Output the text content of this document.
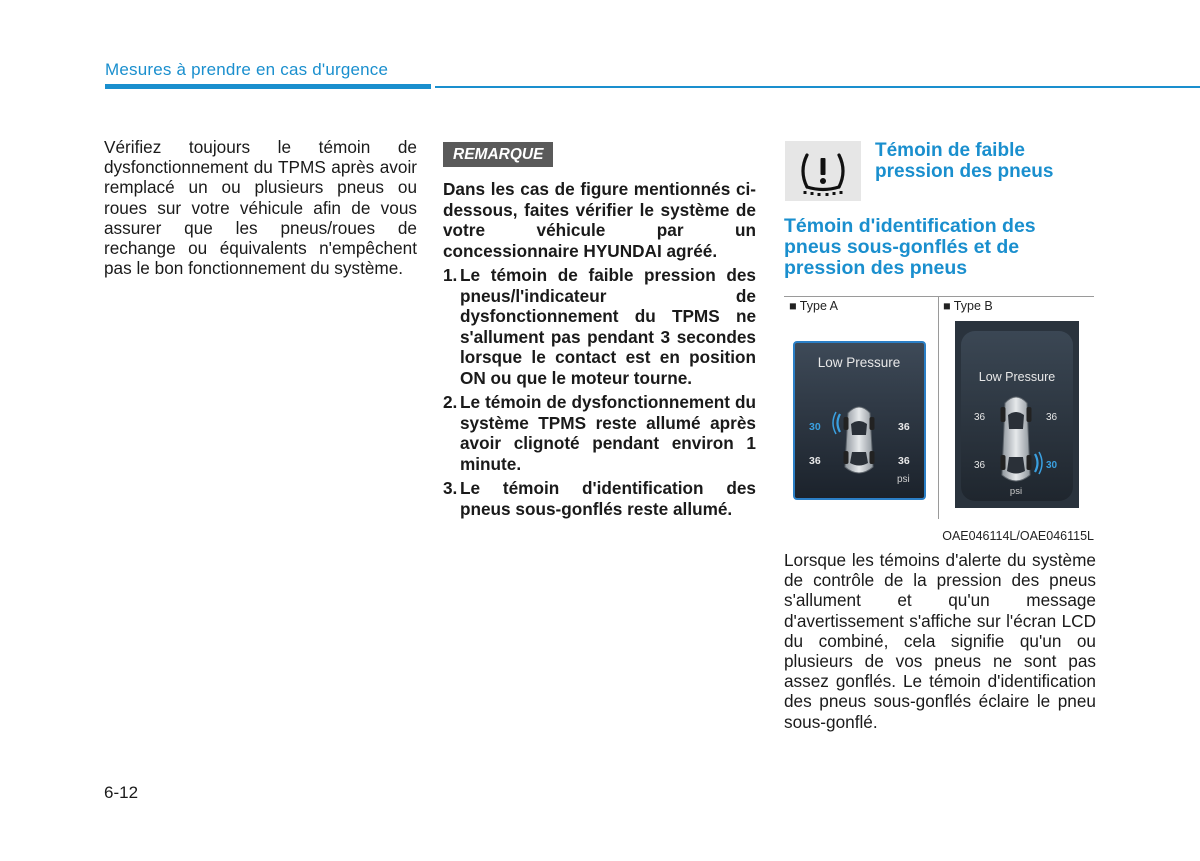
Mesures à prendre en cas d'urgence
Vérifiez toujours le témoin de dysfonctionnement du TPMS après avoir remplacé un ou plusieurs pneus ou roues sur votre véhicule afin de vous assurer que les pneus/roues de rechange ou équivalents n'empêchent pas le bon fonctionnement du système.
REMARQUE
Dans les cas de figure mentionnés ci-dessous, faites vérifier le système de votre véhicule par un concessionnaire HYUNDAI agréé.
1. Le témoin de faible pression des pneus/l'indicateur de dysfonctionnement du TPMS ne s'allument pas pendant 3 secondes lorsque le contact est en position ON ou que le moteur tourne.
2. Le témoin de dysfonctionnement du système TPMS reste allumé après avoir clignoté pendant environ 1 minute.
3. Le témoin d'identification des pneus sous-gonflés reste allumé.
Témoin de faible pression des pneus
Témoin d'identification des pneus sous-gonflés et de pression des pneus
■ Type A	■ Type B
Low Pressure
30	36
36	36
psi
Low Pressure
36	36
36	30
psi
OAE046114L/OAE046115L
Lorsque les témoins d'alerte du système de contrôle de la pression des pneus s'allument et qu'un message d'avertissement s'affiche sur l'écran LCD du combiné, cela signifie qu'un ou plusieurs de vos pneus ne sont pas assez gonflés. Le témoin d'identification des pneus sous-gonflés éclaire le pneu sous-gonflé.
6-12
